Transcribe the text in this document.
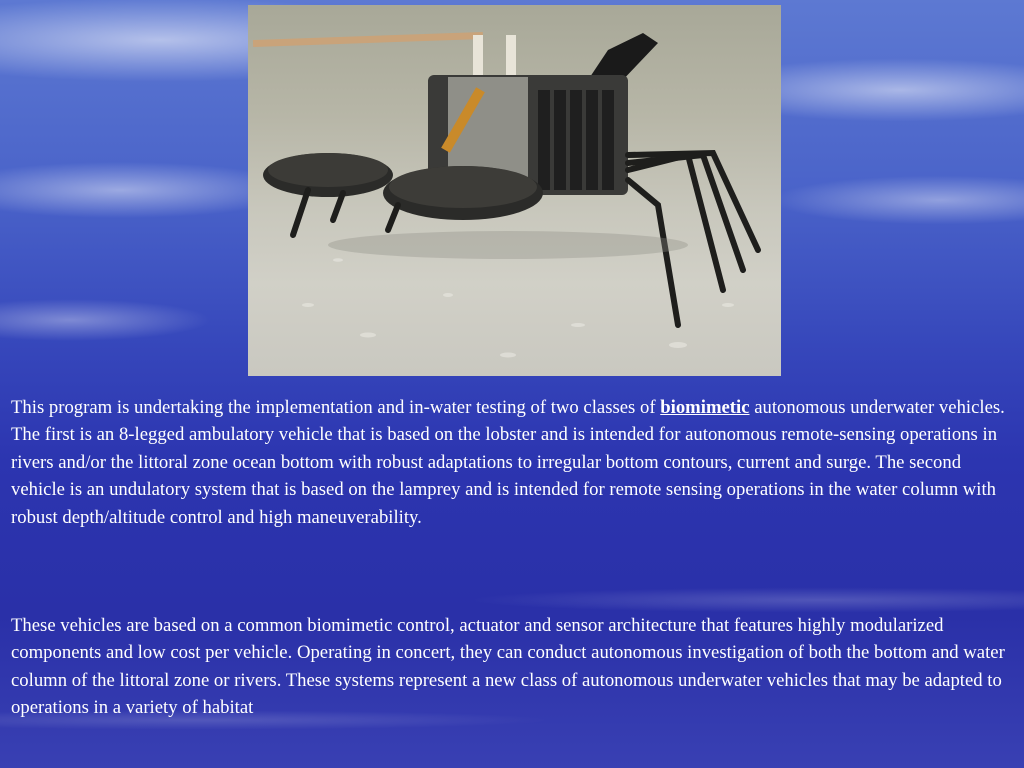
This program is undertaking the implementation and in-water testing of two classes of biomimetic autonomous underwater vehicles. The first is an 8-legged ambulatory vehicle that is based on the lobster and is intended for autonomous remote-sensing operations in rivers and/or the littoral zone ocean bottom with robust adaptations to irregular bottom contours, current and surge. The second vehicle is an undulatory system that is based on the lamprey and is intended for remote sensing operations in the water column with robust depth/altitude control and high maneuverability.

These vehicles are based on a common biomimetic control, actuator and sensor architecture that features highly modularized components and low cost per vehicle. Operating in concert, they can conduct autonomous investigation of both the bottom and water column of the littoral zone or rivers. These systems represent a new class of autonomous underwater vehicles that may be adapted to operations in a variety of habitat
